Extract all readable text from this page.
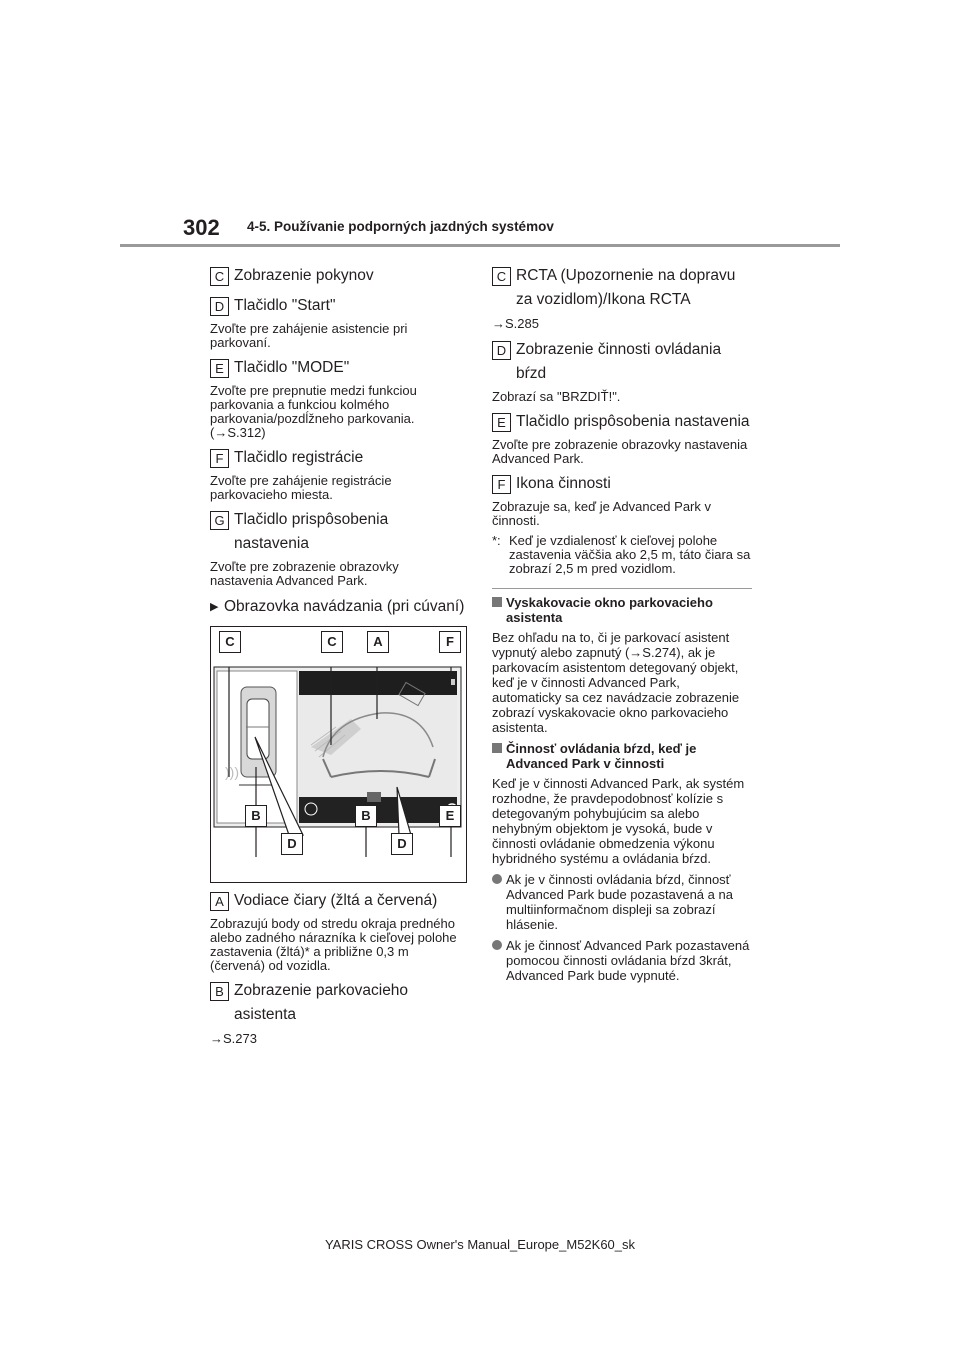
302 4-5. Používanie podporných jazdných systémov
C Zobrazenie pokynov
D Tlačidlo "Start"
Zvoľte pre zahájenie asistencie pri parkovaní.
E Tlačidlo "MODE"
Zvoľte pre prepnutie medzi funkciou parkovania a funkciou kolmého parkovania/pozdĺžneho parkovania. (→S.312)
F Tlačidlo registrácie
Zvoľte pre zahájenie registrácie parkovacieho miesta.
G Tlačidlo prispôsobenia nastavenia
Zvoľte pre zobrazenie obrazovky nastavenia Advanced Park.
▶ Obrazovka navádzania (pri cúvaní)
)))
C	C	A	F
B	B	E
D	D
A Vodiace čiary (žltá a červená)
Zobrazujú body od stredu okraja predného alebo zadného nárazníka k cieľovej polohe zastavenia (žltá)* a približne 0,3 m (červená) od vozidla.
B Zobrazenie parkovacieho asistenta
→S.273
C RCTA (Upozornenie na dopravu za vozidlom)/Ikona RCTA
→S.285
D Zobrazenie činnosti ovládania bŕzd
Zobrazí sa "BRZDIŤ!".
E Tlačidlo prispôsobenia nastavenia
Zvoľte pre zobrazenie obrazovky nastavenia Advanced Park.
F Ikona činnosti
Zobrazuje sa, keď je Advanced Park v činnosti.
*: Keď je vzdialenosť k cieľovej polohe zastavenia väčšia ako 2,5 m, táto čiara sa zobrazí 2,5 m pred vozidlom.
Vyskakovacie okno parkovacieho asistenta
Bez ohľadu na to, či je parkovací asistent vypnutý alebo zapnutý (→S.274), ak je parkovacím asistentom detegovaný objekt, keď je v činnosti Advanced Park, automaticky sa cez navádzacie zobrazenie zobrazí vyskakovacie okno parkovacieho asistenta.
Činnosť ovládania bŕzd, keď je Advanced Park v činnosti
Keď je v činnosti Advanced Park, ak systém rozhodne, že pravdepodobnosť kolízie s detegovaným pohybujúcim sa alebo nehybným objektom je vysoká, bude v činnosti ovládanie obmedzenia výkonu hybridného systému a ovládania bŕzd.
Ak je v činnosti ovládania bŕzd, činnosť Advanced Park bude pozastavená a na multiinformačnom displeji sa zobrazí hlásenie.
Ak je činnosť Advanced Park pozastavená pomocou činnosti ovládania bŕzd 3krát, Advanced Park bude vypnuté.
YARIS CROSS Owner's Manual_Europe_M52K60_sk
